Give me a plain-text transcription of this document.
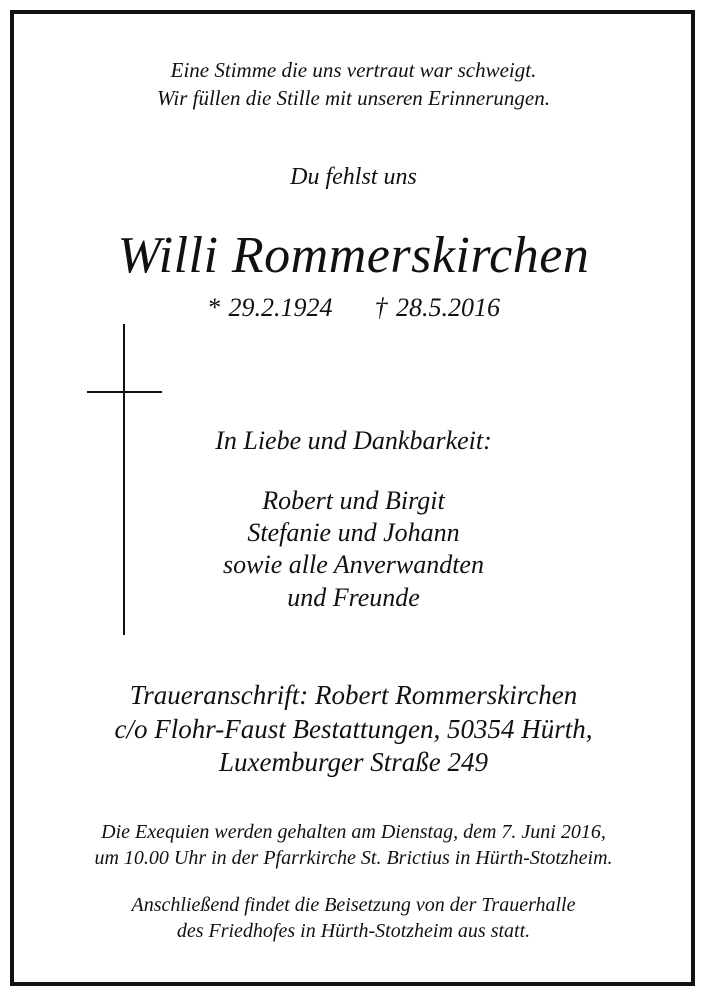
Eine Stimme die uns vertraut war schweigt.
Wir füllen die Stille mit unseren Erinnerungen.
Du fehlst uns
Willi Rommerskirchen
* 29.2.1924 † 28.5.2016
In Liebe und Dankbarkeit:
Robert und Birgit
Stefanie und Johann
sowie alle Anverwandten
und Freunde
Traueranschrift: Robert Rommerskirchen
c/o Flohr-Faust Bestattungen, 50354 Hürth,
Luxemburger Straße 249
Die Exequien werden gehalten am Dienstag, dem 7. Juni 2016,
um 10.00 Uhr in der Pfarrkirche St. Brictius in Hürth-Stotzheim.
Anschließend findet die Beisetzung von der Trauerhalle
des Friedhofes in Hürth-Stotzheim aus statt.
